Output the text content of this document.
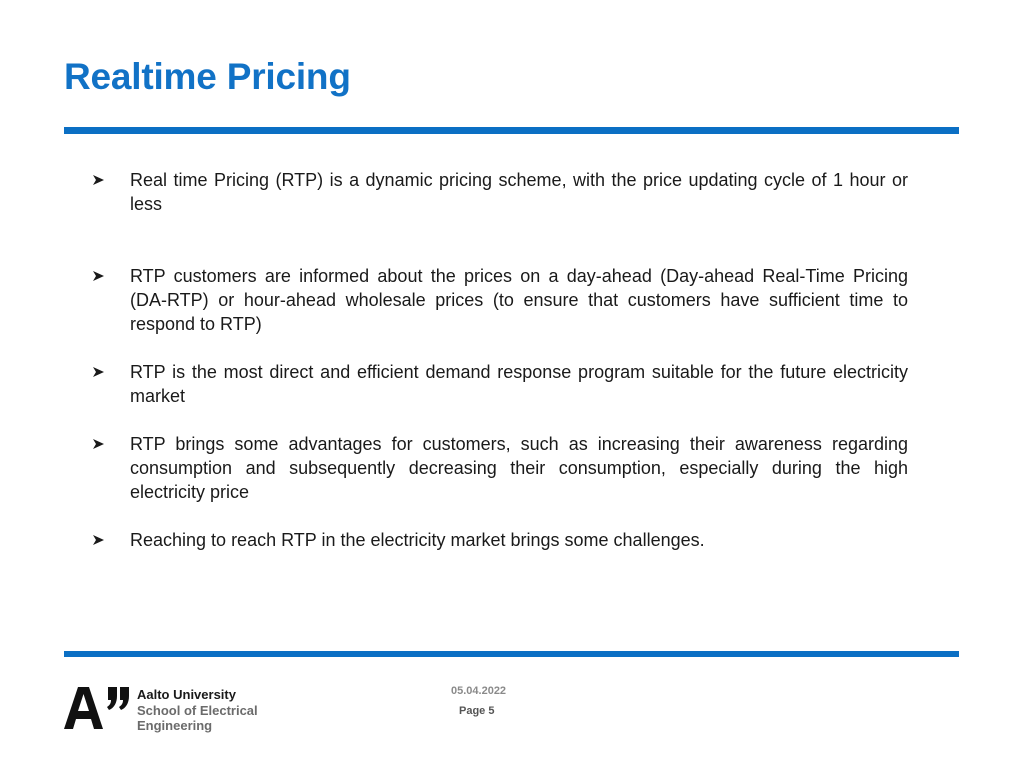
Realtime Pricing
Real time Pricing (RTP) is a dynamic pricing scheme, with the price updating cycle of 1 hour or less
RTP customers are informed about the prices on a day-ahead (Day-ahead Real-Time Pricing (DA-RTP) or hour-ahead wholesale prices (to ensure that customers have sufficient time to respond to RTP)
RTP is the most direct and efficient demand response program suitable for the future electricity market
RTP brings some advantages for customers, such as increasing their awareness regarding consumption and subsequently decreasing their consumption, especially during the high electricity price
Reaching to reach RTP in the electricity market brings some challenges.
Aalto University
School of Electrical
Engineering
05.04.2022
Page 5
